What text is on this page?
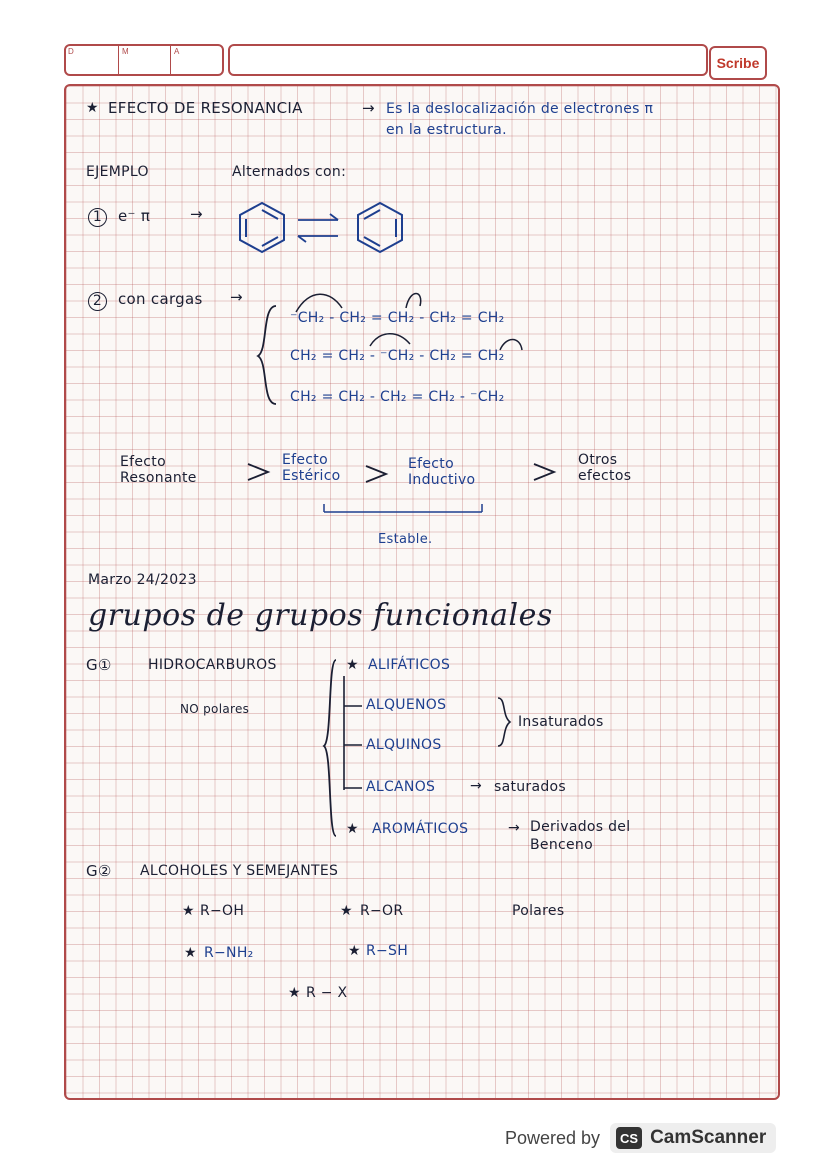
D	M	A
Scribe
★ EFECTO DE RESONANCIA	→ Es la deslocalización de electrones π
en la estructura.
EJEMPLO	Alternados con:
1	e⁻ π	→
2	con cargas →
⁻CH₂ - CH₂ = CH₂ - CH₂ = CH₂
CH₂ = CH₂ - ⁻CH₂ - CH₂ = CH₂
CH₂ = CH₂ - CH₂ = CH₂ - ⁻CH₂
Efecto Resonante
Efecto Estérico
Efecto Inductivo
Otros efectos
Estable.
Marzo 24/2023
grupos de grupos funcionales
G①	HIDROCARBUROS
NO polares
★ ALIFÁTICOS
ALQUENOS
ALQUINOS
Insaturados
ALCANOS → saturados
★ AROMÁTICOS	→ Derivados del Benceno
G② ALCOHOLES Y SEMEJANTES
★ R−OH	★ R−OR	Polares
★ R−NH₂	★ R−SH
★ R − X
Powered by	CS CamScanner
